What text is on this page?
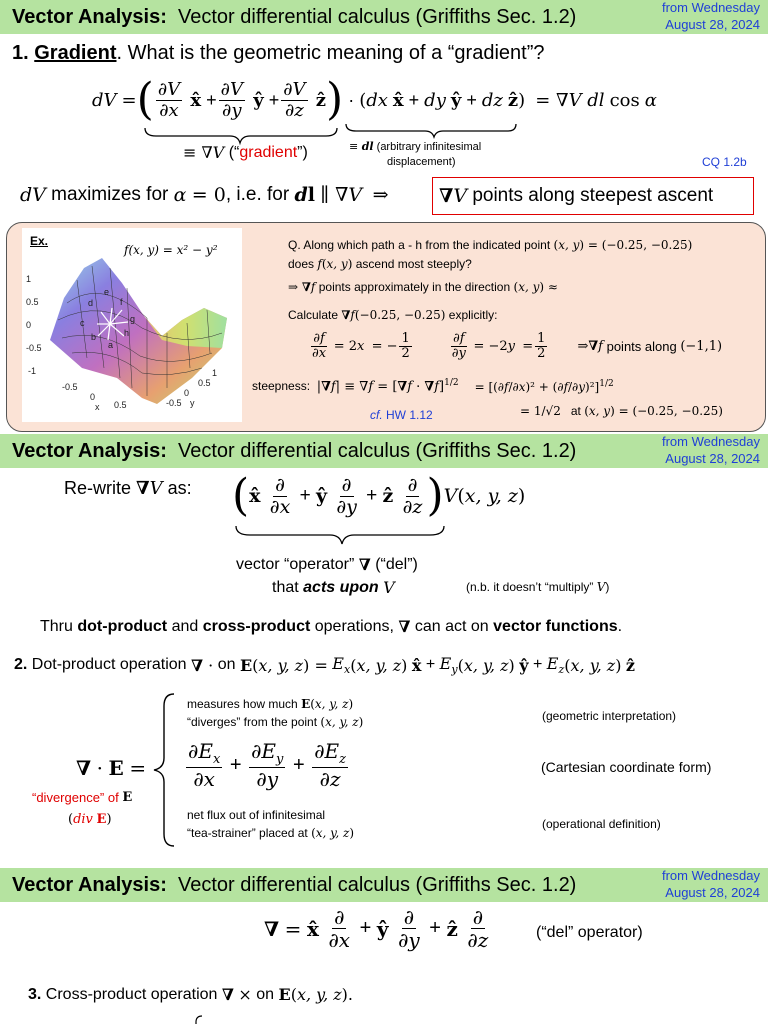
Vector Analysis: Vector differential calculus (Griffiths Sec. 1.2)	from Wednesday
August 28, 2024
1.
Gradient . What is the geometric meaning of a “gradient”?
dV
= ( $\frac{\partial V}{\partial x}$ x̂ + $\frac{\partial V}{\partial y}$ ŷ + $\frac{\partial V}{\partial z}$ ẑ ) · ( dx
x̂ + dy
ŷ + dz
ẑ )
= ∇ V dl
cos
α
≡ ∇ V
(“ gradient ”)	≡ dl (arbitrary infinitesimal
displacement)	CQ 1.2b
dV
maximizes for
α
= 0 , i.e. for
d l
∥ ∇ V
⇒	∇ V
points along steepest ascent
a
b
c
d
e
f
g
h
1
0.5
0
-0.5
-1
-0.5
0
0.5
x	-0.5
0
0.5
1
y
f(x, y) = x² − y²
Ex.	Q. Along which path a - h from the indicated point (x, y) = (−0.25, −0.25)
does f(x, y) ascend most steeply?
⇒ ∇f points approximately in the direction (x, y) ≈
Calculate ∇f(−0.25, −0.25) explicitly:
$\frac{\partial f}{\partial x}$
= 2 x
= − $\frac{1}{2}$	$\frac{\partial f}{\partial y}$
= −2 y
= $\frac{1}{2}$ ⇒ ∇ f
points along
(−1,1)
steepness:
$|\nabla f| \equiv \nabla f = [\nabla f \cdot \nabla f]^{1/2} = [(\partial f/\partial x)^2 + (\partial f/\partial y)^2]^{1/2}$
= 1/√2
at
( x, y ) = (−0.25, −0.25)
cf. HW 1.12
Vector Analysis: Vector differential calculus (Griffiths Sec. 1.2)	from Wednesday
August 28, 2024
Re-write
∇ V
as: ( x̂
$\frac{\partial}{\partial x}$ + ŷ
$\frac{\partial}{\partial y}$ + ẑ
$\frac{\partial}{\partial z}$ ) V ( x, y, z )
vector “operator”
∇
(“del”)
that
acts upon
V	(n.b. it doesn’t “multiply”
V )
Thru
dot-product
and
cross-product
operations,
∇
can act on
vector functions .
2.
Dot-product operation
∇ ·
on
E ( x, y, z ) =
$E_x$ ( x, y, z )
x̂ + $E_y$ ( x, y, z )
ŷ + $E_z$ ( x, y, z )
ẑ
∇
·
E
=
“divergence” of
E
( div
E )
measures how much E(x, y, z)
“diverges” from the point (x, y, z)	(geometric interpretation)
$\frac{\partial E_x}{\partial x} + \frac{\partial E_y}{\partial y} + \frac{\partial E_z}{\partial z}$	(Cartesian coordinate form)
net flux out of infinitesimal
“tea-strainer” placed at (x, y, z)
(operational definition)
Vector Analysis: Vector differential calculus (Griffiths Sec. 1.2)	from Wednesday
August 28, 2024
∇
=
x̂
$\frac{\partial}{\partial x}$ + ŷ
$\frac{\partial}{\partial y}$ + ẑ
$\frac{\partial}{\partial z}$	(“del” operator)
3.
Cross-product operation
∇
×
on
E ( x, y, z ).
